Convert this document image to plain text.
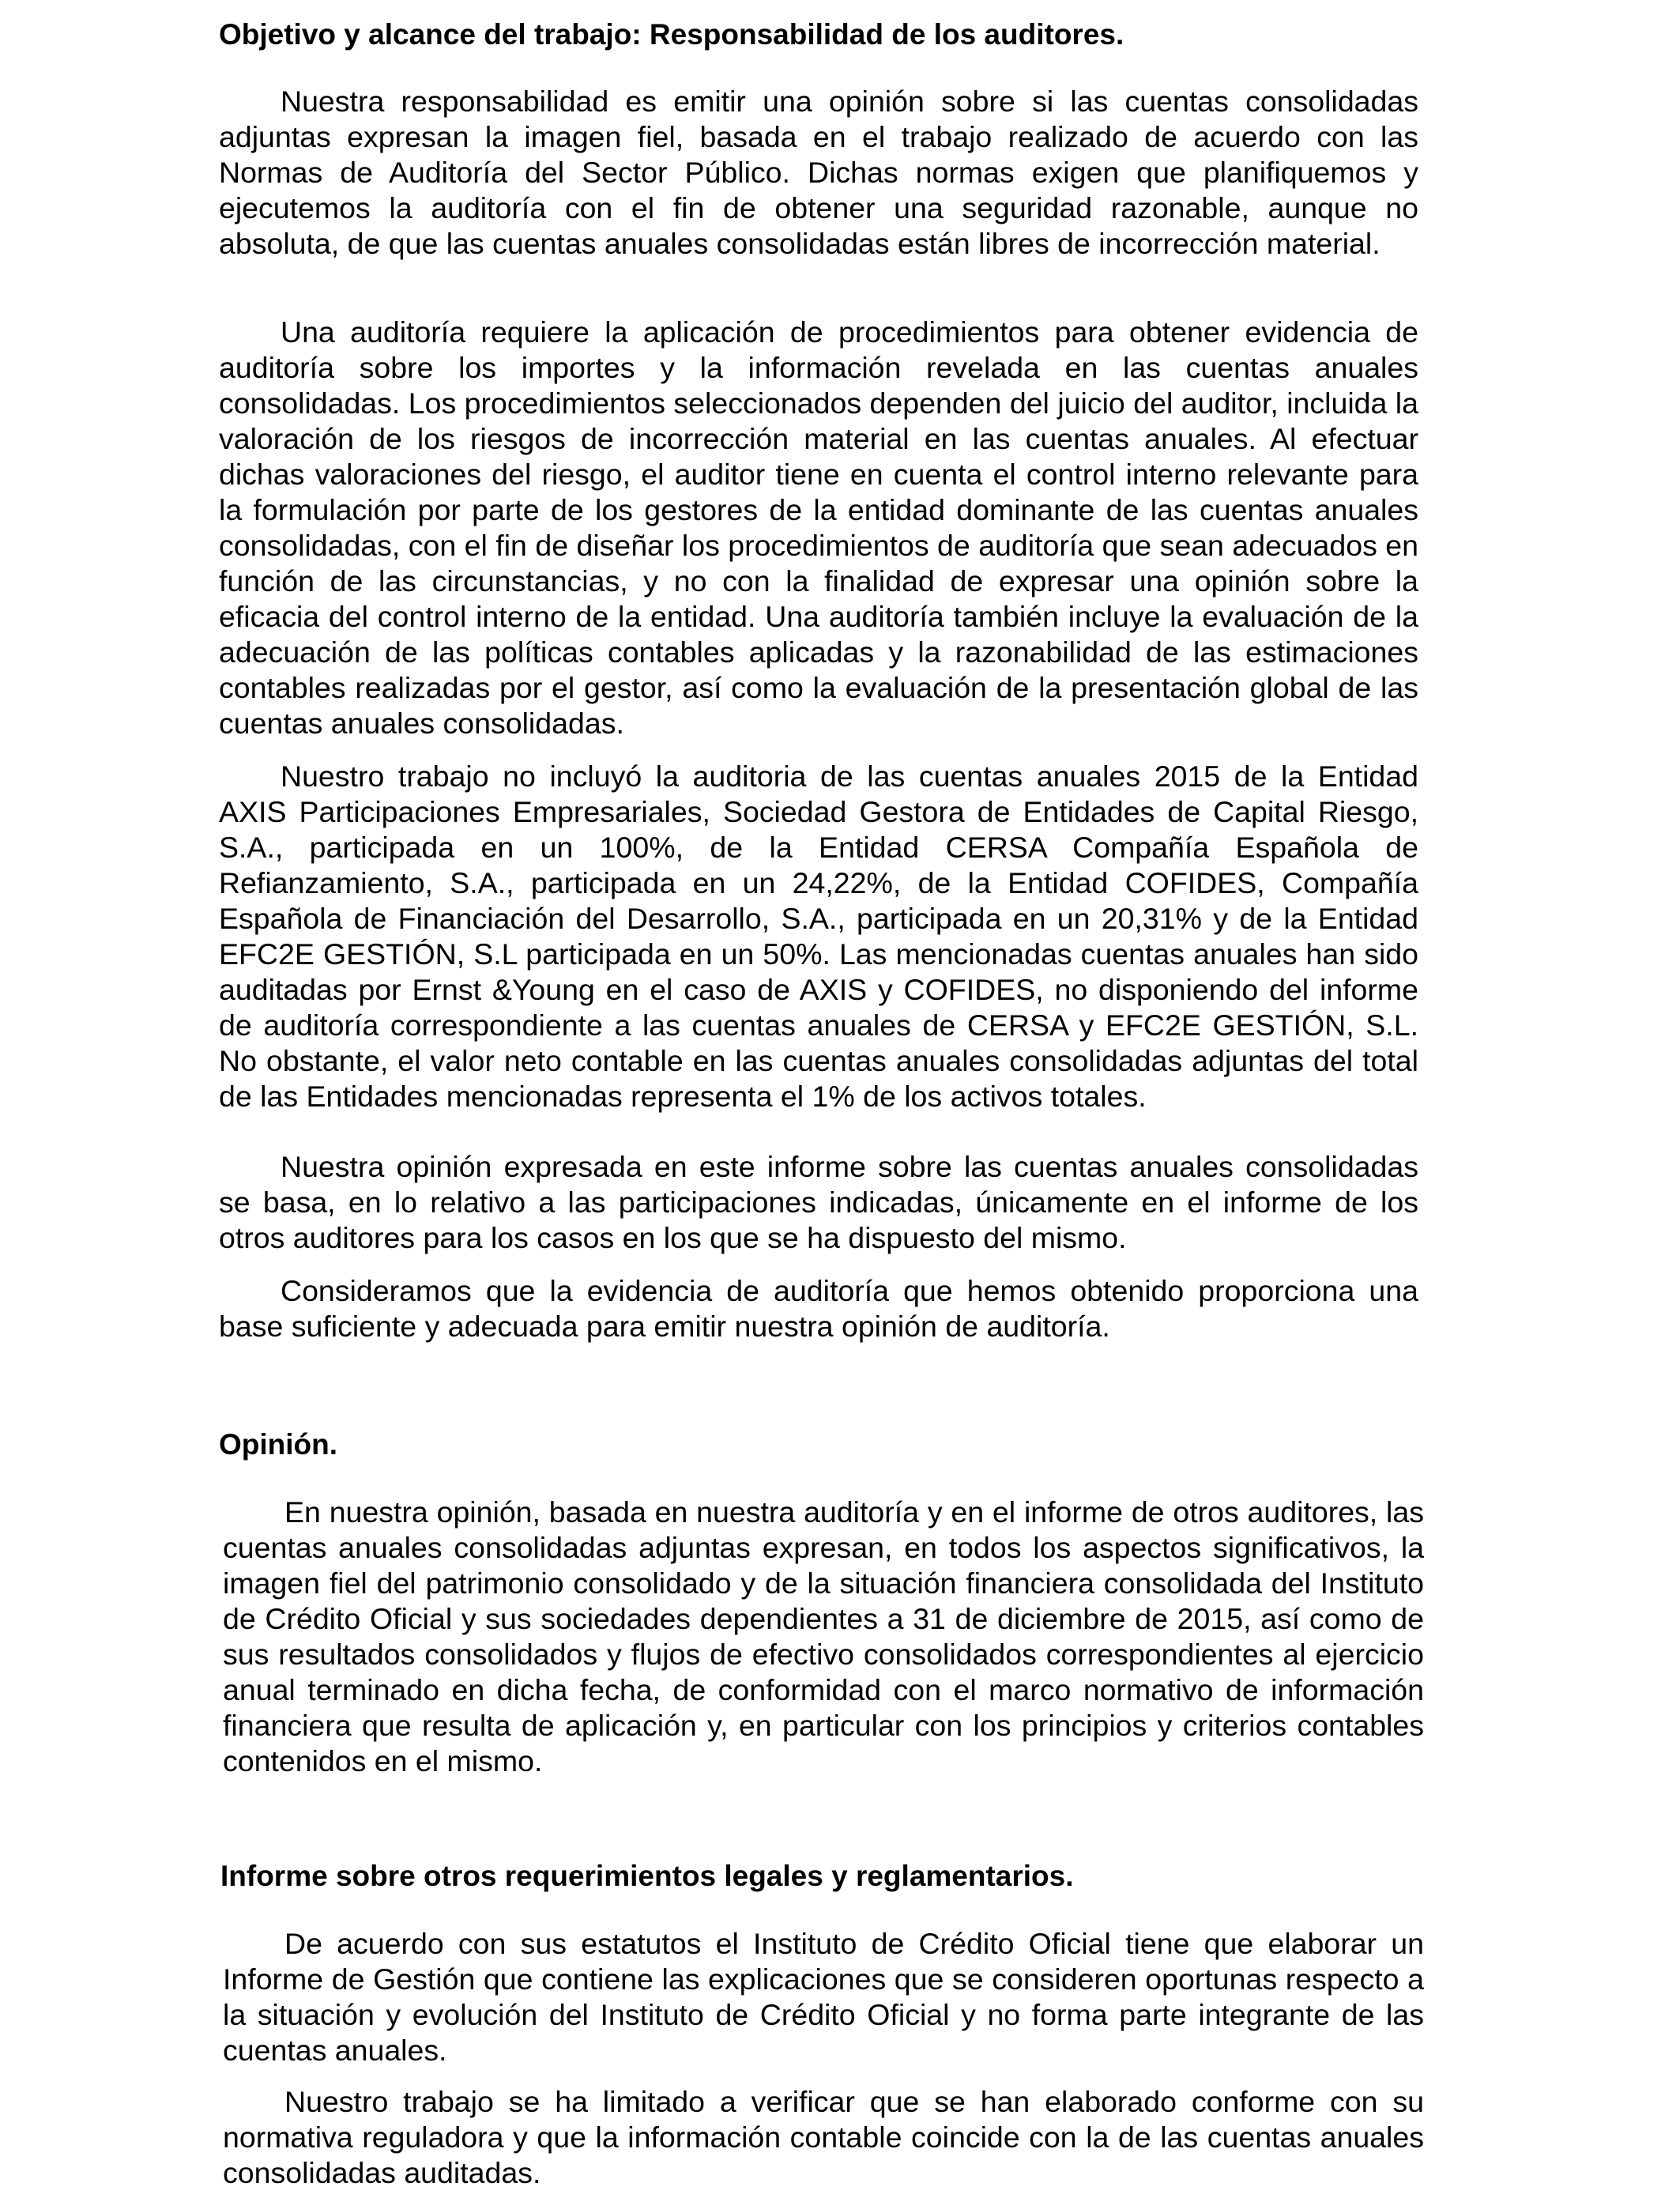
Objetivo y alcance del trabajo: Responsabilidad de los auditores.

Nuestra responsabilidad es emitir una opinión sobre si las cuentas consolidadas adjuntas expresan la imagen fiel, basada en el trabajo realizado de acuerdo con las Normas de Auditoría del Sector Público. Dichas normas exigen que planifiquemos y ejecutemos la auditoría con el fin de obtener una seguridad razonable, aunque no absoluta, de que las cuentas anuales consolidadas están libres de incorrección material.

Una auditoría requiere la aplicación de procedimientos para obtener evidencia de auditoría sobre los importes y la información revelada en las cuentas anuales consolidadas. Los procedimientos seleccionados dependen del juicio del auditor, incluida la valoración de los riesgos de incorrección material en las cuentas anuales. Al efectuar dichas valoraciones del riesgo, el auditor tiene en cuenta el control interno relevante para la formulación por parte de los gestores de la entidad dominante de las cuentas anuales consolidadas, con el fin de diseñar los procedimientos de auditoría que sean adecuados en función de las circunstancias, y no con la finalidad de expresar una opinión sobre la eficacia del control interno de la entidad. Una auditoría también incluye la evaluación de la adecuación de las políticas contables aplicadas y la razonabilidad de las estimaciones contables realizadas por el gestor, así como la evaluación de la presentación global de las cuentas anuales consolidadas.

Nuestro trabajo no incluyó la auditoria de las cuentas anuales 2015 de la Entidad AXIS Participaciones Empresariales, Sociedad Gestora de Entidades de Capital Riesgo, S.A., participada en un 100%, de la Entidad CERSA Compañía Española de Refianzamiento, S.A., participada en un 24,22%, de la Entidad COFIDES, Compañía Española de Financiación del Desarrollo, S.A., participada en un 20,31% y de la Entidad EFC2E GESTIÓN, S.L participada en un 50%. Las mencionadas cuentas anuales han sido auditadas por Ernst &Young en el caso de AXIS y COFIDES, no disponiendo del informe de auditoría correspondiente a las cuentas anuales de CERSA y EFC2E GESTIÓN, S.L. No obstante, el valor neto contable en las cuentas anuales consolidadas adjuntas del total de las Entidades mencionadas representa el 1% de los activos totales.

Nuestra opinión expresada en este informe sobre las cuentas anuales consolidadas se basa, en lo relativo a las participaciones indicadas, únicamente en el informe de los otros auditores para los casos en los que se ha dispuesto del mismo.

Consideramos que la evidencia de auditoría que hemos obtenido proporciona una base suficiente y adecuada para emitir nuestra opinión de auditoría.

Opinión.

En nuestra opinión, basada en nuestra auditoría y en el informe de otros auditores, las cuentas anuales consolidadas adjuntas expresan, en todos los aspectos significativos, la imagen fiel del patrimonio consolidado y de la situación financiera consolidada del Instituto de Crédito Oficial y sus sociedades dependientes a 31 de diciembre de 2015, así como de sus resultados consolidados y flujos de efectivo consolidados correspondientes al ejercicio anual terminado en dicha fecha, de conformidad con el marco normativo de información financiera que resulta de aplicación y, en particular con los principios y criterios contables contenidos en el mismo.

Informe sobre otros requerimientos legales y reglamentarios.

De acuerdo con sus estatutos el Instituto de Crédito Oficial tiene que elaborar un Informe de Gestión que contiene las explicaciones que se consideren oportunas respecto a la situación y evolución del Instituto de Crédito Oficial y no forma parte integrante de las cuentas anuales.

Nuestro trabajo se ha limitado a verificar que se han elaborado conforme con su normativa reguladora y que la información contable coincide con la de las cuentas anuales consolidadas auditadas.
